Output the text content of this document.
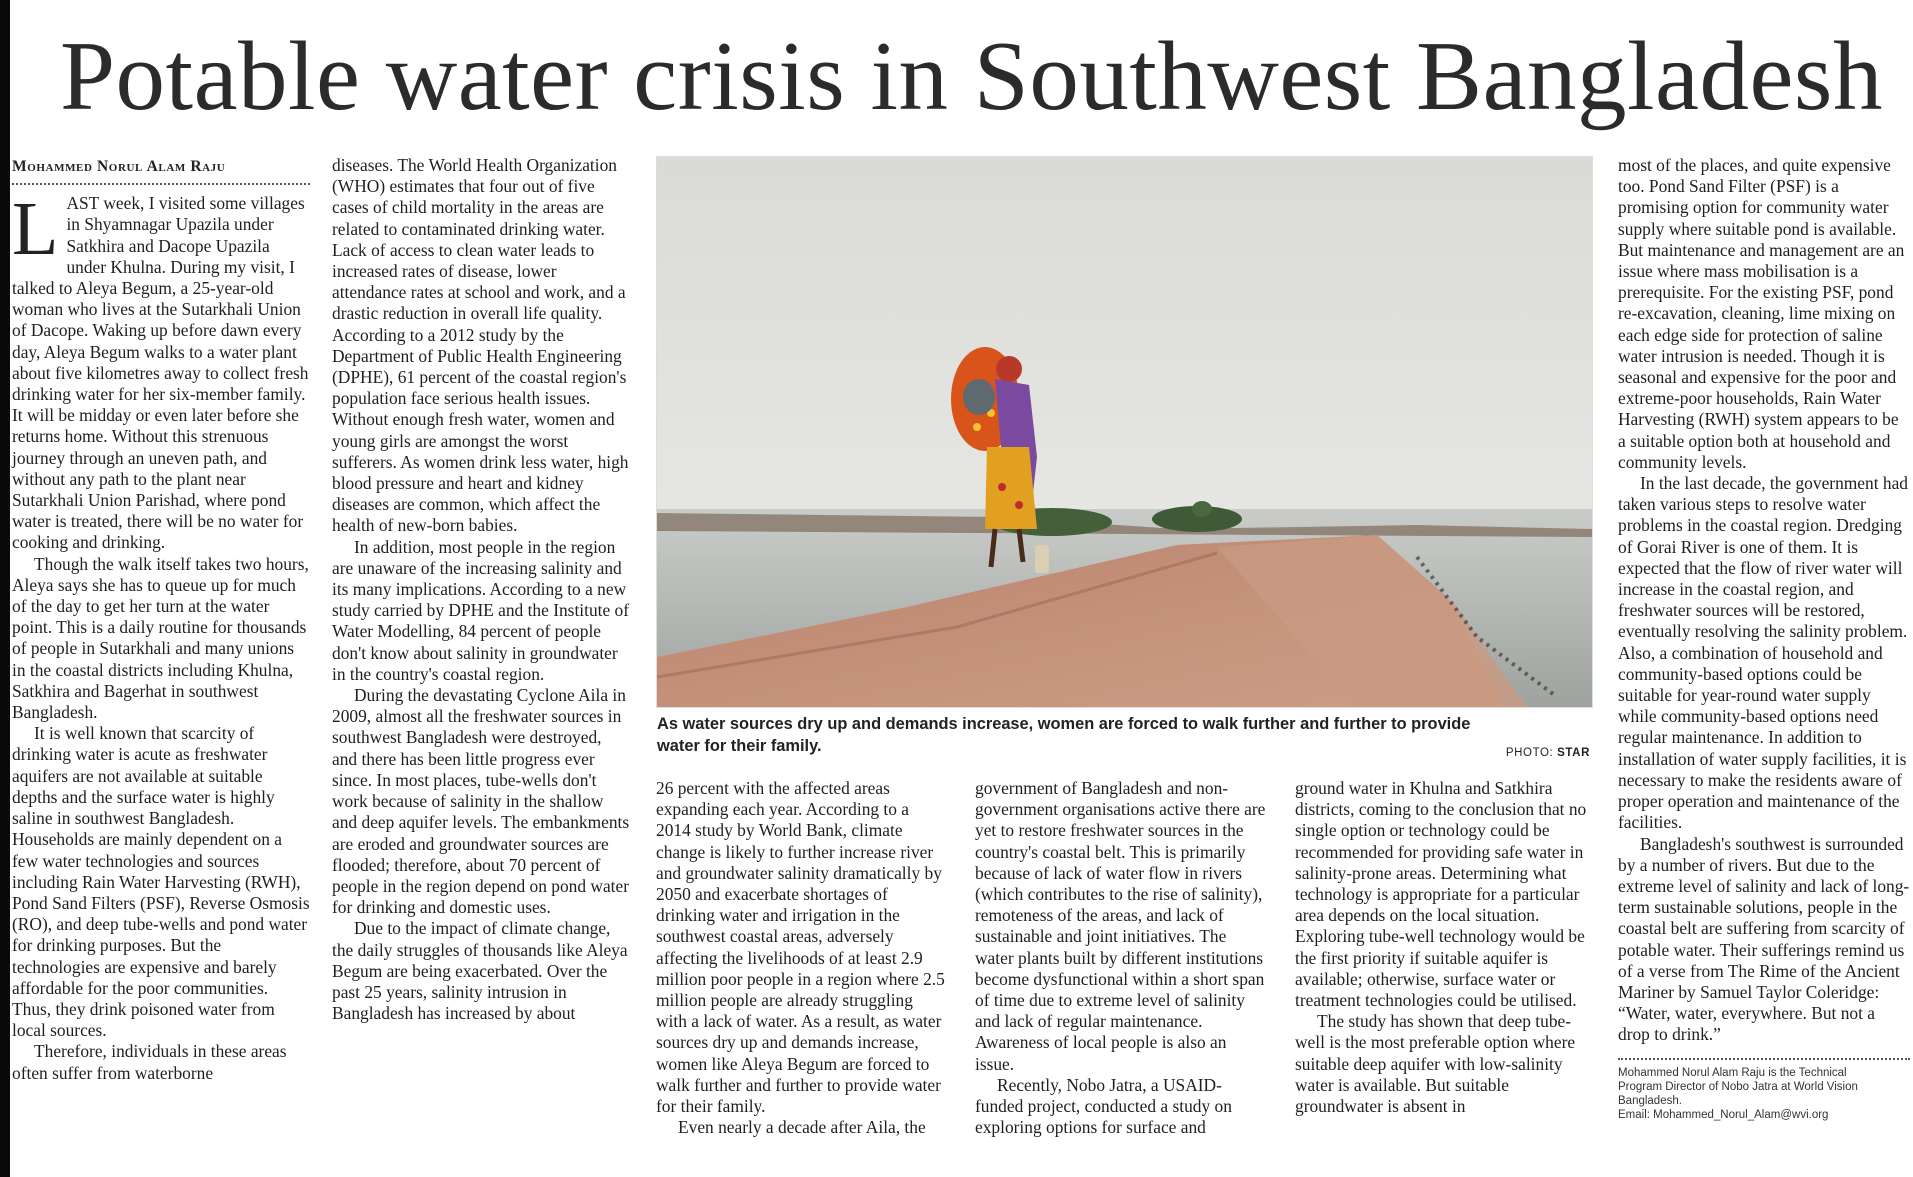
Potable water crisis in Southwest Bangladesh
Mohammed Norul Alam Raju

LAST week, I visited some villages in Shyamnagar Upazila under Satkhira and Dacope Upazila under Khulna. During my visit, I talked to Aleya Begum, a 25-year-old woman who lives at the Sutarkhali Union of Dacope. Waking up before dawn every day, Aleya Begum walks to a water plant about five kilometres away to collect fresh drinking water for her six-member family. It will be midday or even later before she returns home. Without this strenuous journey through an uneven path, and without any path to the plant near Sutarkhali Union Parishad, where pond water is treated, there will be no water for cooking and drinking.

Though the walk itself takes two hours, Aleya says she has to queue up for much of the day to get her turn at the water point. This is a daily routine for thousands of people in Sutarkhali and many unions in the coastal districts including Khulna, Satkhira and Bagerhat in southwest Bangladesh.

It is well known that scarcity of drinking water is acute as freshwater aquifers are not available at suitable depths and the surface water is highly saline in southwest Bangladesh. Households are mainly dependent on a few water technologies and sources including Rain Water Harvesting (RWH), Pond Sand Filters (PSF), Reverse Osmosis (RO), and deep tube-wells and pond water for drinking purposes. But the technologies are expensive and barely affordable for the poor communities. Thus, they drink poisoned water from local sources.

Therefore, individuals in these areas often suffer from waterborne

diseases. The World Health Organization (WHO) estimates that four out of five cases of child mortality in the areas are related to contaminated drinking water. Lack of access to clean water leads to increased rates of disease, lower attendance rates at school and work, and a drastic reduction in overall life quality. According to a 2012 study by the Department of Public Health Engineering (DPHE), 61 percent of the coastal region's population face serious health issues. Without enough fresh water, women and young girls are amongst the worst sufferers. As women drink less water, high blood pressure and heart and kidney diseases are common, which affect the health of new-born babies.

In addition, most people in the region are unaware of the increasing salinity and its many implications. According to a new study carried by DPHE and the Institute of Water Modelling, 84 percent of people don't know about salinity in groundwater in the country's coastal region.

During the devastating Cyclone Aila in 2009, almost all the freshwater sources in southwest Bangladesh were destroyed, and there has been little progress ever since. In most places, tube-wells don't work because of salinity in the shallow and deep aquifer levels. The embankments are eroded and groundwater sources are flooded; therefore, about 70 percent of people in the region depend on pond water for drinking and domestic uses.

Due to the impact of climate change, the daily struggles of thousands like Aleya Begum are being exacerbated. Over the past 25 years, salinity intrusion in Bangladesh has increased by about

As water sources dry up and demands increase, women are forced to walk further and further to provide water for their family.	PHOTO: STAR

26 percent with the affected areas expanding each year. According to a 2014 study by World Bank, climate change is likely to further increase river and groundwater salinity dramatically by 2050 and exacerbate shortages of drinking water and irrigation in the southwest coastal areas, adversely affecting the livelihoods of at least 2.9 million poor people in a region where 2.5 million people are already struggling with a lack of water. As a result, as water sources dry up and demands increase, women like Aleya Begum are forced to walk further and further to provide water for their family.

Even nearly a decade after Aila, the

government of Bangladesh and non-government organisations active there are yet to restore freshwater sources in the country's coastal belt. This is primarily because of lack of water flow in rivers (which contributes to the rise of salinity), remoteness of the areas, and lack of sustainable and joint initiatives. The water plants built by different institutions become dysfunctional within a short span of time due to extreme level of salinity and lack of regular maintenance. Awareness of local people is also an issue.

Recently, Nobo Jatra, a USAID-funded project, conducted a study on exploring options for surface and

ground water in Khulna and Satkhira districts, coming to the conclusion that no single option or technology could be recommended for providing safe water in salinity-prone areas. Determining what technology is appropriate for a particular area depends on the local situation. Exploring tube-well technology would be the first priority if suitable aquifer is available; otherwise, surface water or treatment technologies could be utilised.

The study has shown that deep tube-well is the most preferable option where suitable deep aquifer with low-salinity water is available. But suitable groundwater is absent in

most of the places, and quite expensive too. Pond Sand Filter (PSF) is a promising option for community water supply where suitable pond is available. But maintenance and management are an issue where mass mobilisation is a prerequisite. For the existing PSF, pond re-excavation, cleaning, lime mixing on each edge side for protection of saline water intrusion is needed. Though it is seasonal and expensive for the poor and extreme-poor households, Rain Water Harvesting (RWH) system appears to be a suitable option both at household and community levels.

In the last decade, the government had taken various steps to resolve water problems in the coastal region. Dredging of Gorai River is one of them. It is expected that the flow of river water will increase in the coastal region, and freshwater sources will be restored, eventually resolving the salinity problem. Also, a combination of household and community-based options could be suitable for year-round water supply while community-based options need regular maintenance. In addition to installation of water supply facilities, it is necessary to make the residents aware of proper operation and maintenance of the facilities.

Bangladesh's southwest is surrounded by a number of rivers. But due to the extreme level of salinity and lack of long-term sustainable solutions, people in the coastal belt are suffering from scarcity of potable water. Their sufferings remind us of a verse from The Rime of the Ancient Mariner by Samuel Taylor Coleridge: “Water, water, everywhere. But not a drop to drink.”

Mohammed Norul Alam Raju is the Technical
Program Director of Nobo Jatra at World Vision
Bangladesh.
Email: Mohammed_Norul_Alam@wvi.org
